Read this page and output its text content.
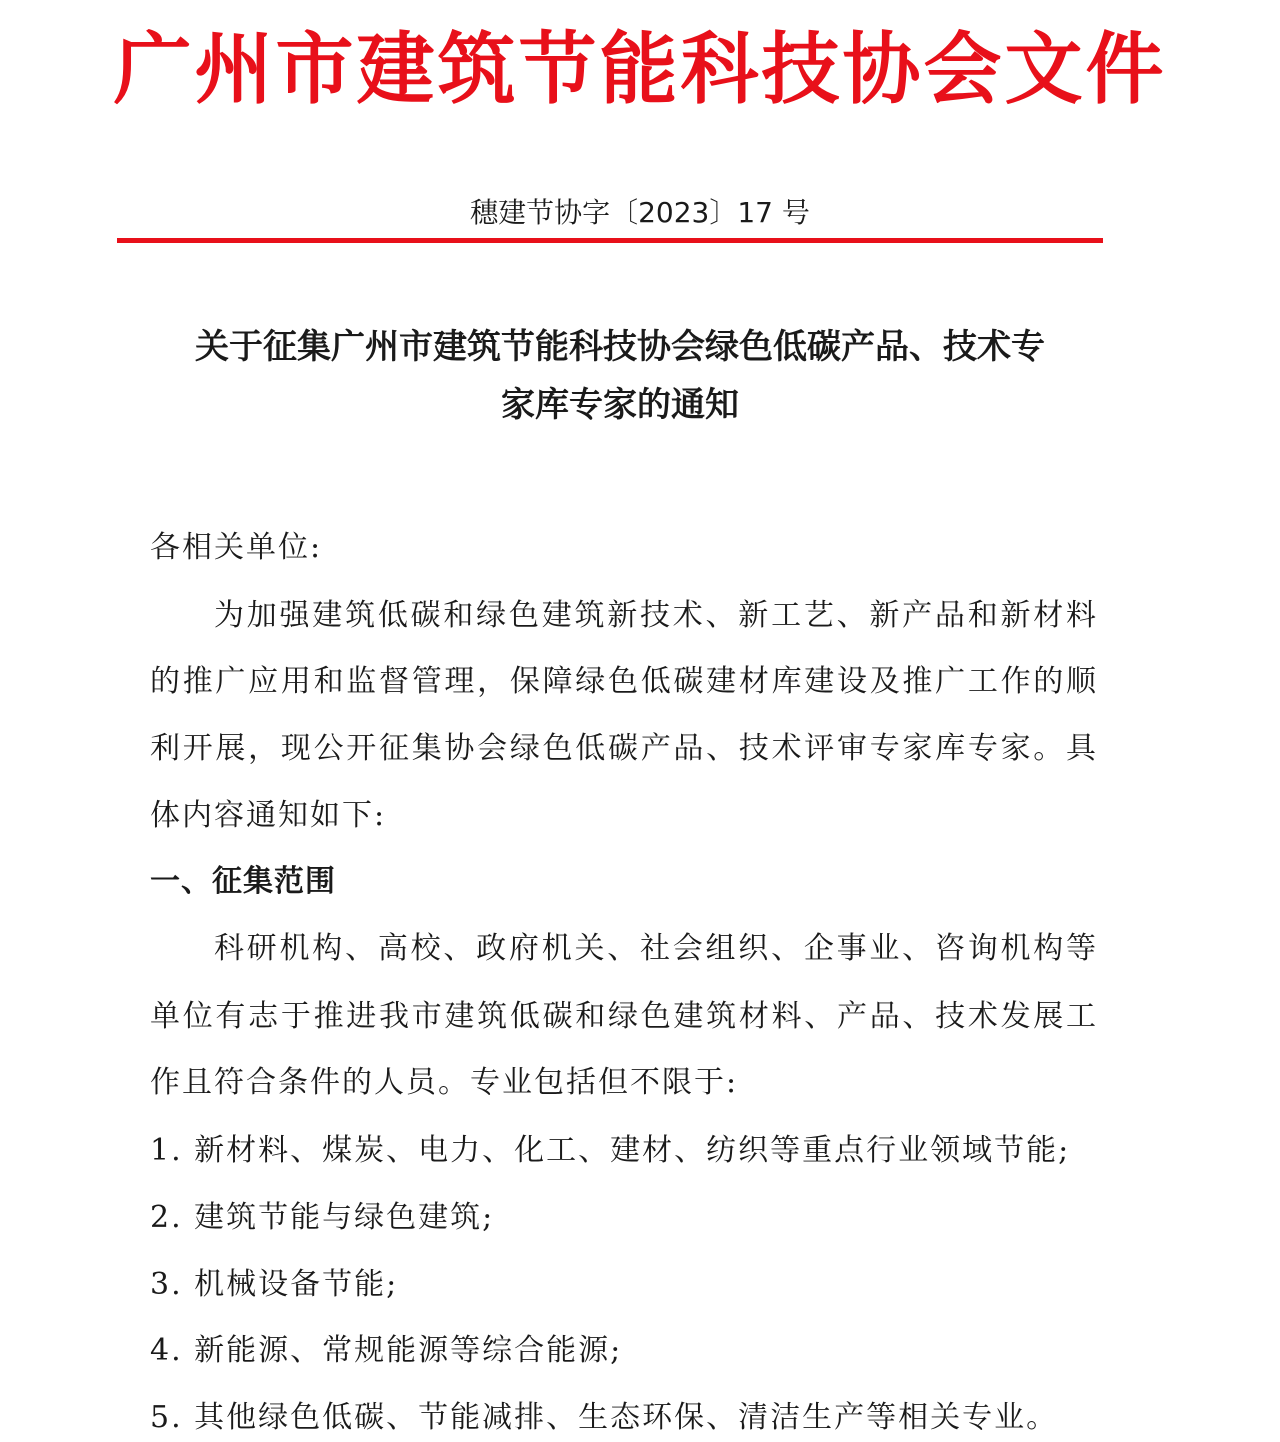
广州市建筑节能科技协会文件
穗建节协字〔2023〕17 号
关于征集广州市建筑节能科技协会绿色低碳产品、技术专
家库专家的通知
各相关单位:
为加强建筑低碳和绿色建筑新技术、新工艺、新产品和新材料
的推广应用和监督管理，保障绿色低碳建材库建设及推广工作的顺
利开展，现公开征集协会绿色低碳产品、技术评审专家库专家。具
体内容通知如下:
一、征集范围
科研机构、高校、政府机关、社会组织、企事业、咨询机构等
单位有志于推进我市建筑低碳和绿色建筑材料、产品、技术发展工
作且符合条件的人员。专业包括但不限于:
1. 新材料、煤炭、电力、化工、建材、纺织等重点行业领域节能;
2. 建筑节能与绿色建筑;
3. 机械设备节能;
4. 新能源、常规能源等综合能源;
5. 其他绿色低碳、节能减排、生态环保、清洁生产等相关专业。
